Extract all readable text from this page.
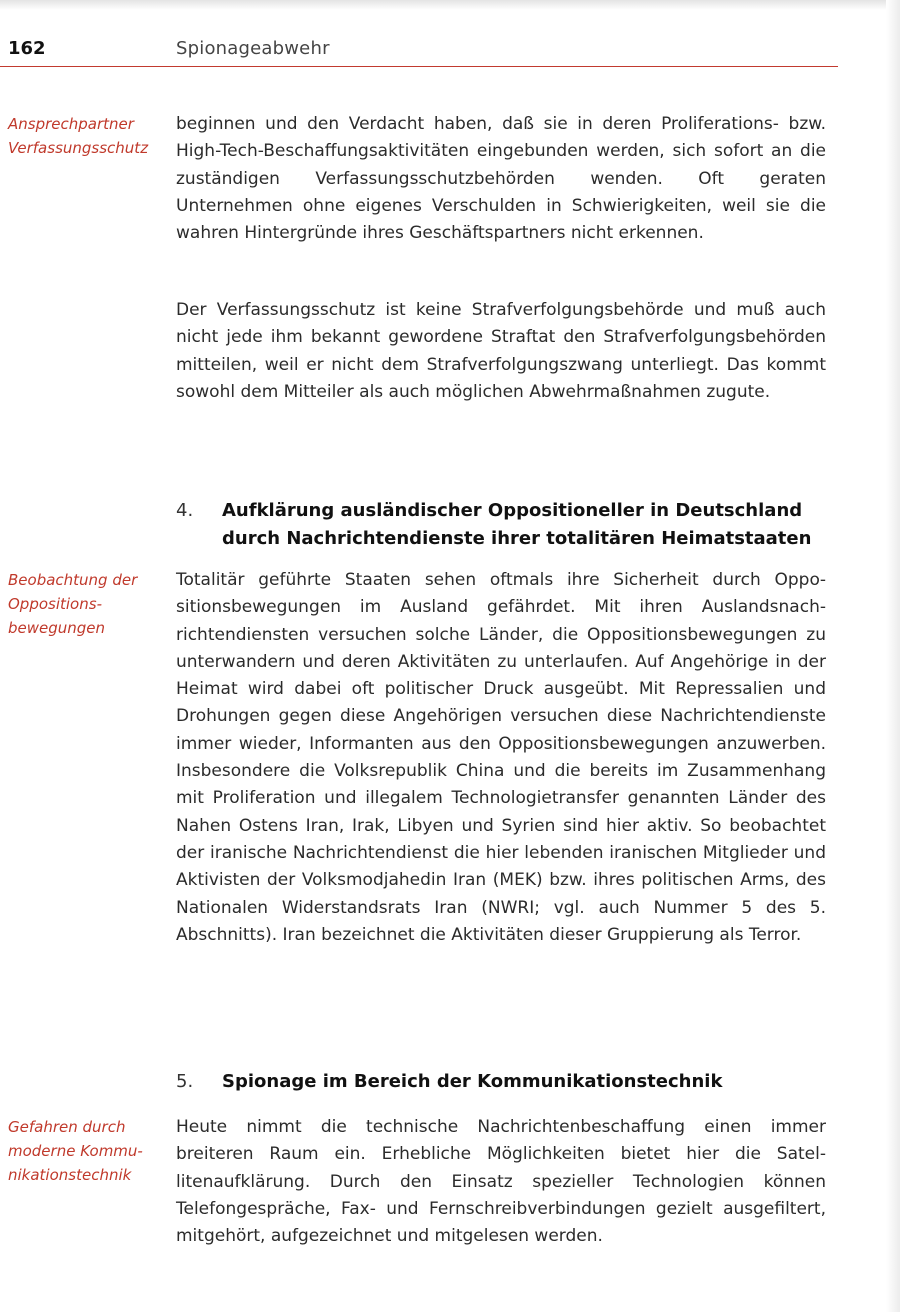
162	Spionageabwehr
Ansprechpartner Verfassungsschutz

beginnen und den Verdacht haben, daß sie in deren Proliferations- bzw. High-Tech-Beschaffungsaktivitäten eingebunden werden, sich sofort an die zuständigen Verfassungsschutzbehörden wenden. Oft geraten Unternehmen ohne eigenes Verschulden in Schwierigkeiten, weil sie die wahren Hintergründe ihres Geschäftspartners nicht erkennen.

Der Verfassungsschutz ist keine Strafverfolgungsbehörde und muß auch nicht jede ihm bekannt gewordene Straftat den Strafverfolgungsbehörden mitteilen, weil er nicht dem Strafverfolgungszwang unterliegt. Das kommt sowohl dem Mitteiler als auch möglichen Abwehrmaßnahmen zugute.

4. Aufklärung ausländischer Oppositioneller in Deutschland durch Nachrichtendienste ihrer totalitären Heimatstaaten
Beobachtung der Oppositionsbewegungen

Totalitär geführte Staaten sehen oftmals ihre Sicherheit durch Oppositionsbewegungen im Ausland gefährdet. Mit ihren Auslandsnachrichtendiensten versuchen solche Länder, die Oppositionsbewegungen zu unterwandern und deren Aktivitäten zu unterlaufen. Auf Angehörige in der Heimat wird dabei oft politischer Druck ausgeübt. Mit Repressalien und Drohungen gegen diese Angehörigen versuchen diese Nachrichtendienste immer wieder, Informanten aus den Oppositionsbewegungen anzuwerben. Insbesondere die Volksrepublik China und die bereits im Zusammenhang mit Proliferation und illegalem Technologietransfer genannten Länder des Nahen Ostens Iran, Irak, Libyen und Syrien sind hier aktiv. So beobachtet der iranische Nachrichtendienst die hier lebenden iranischen Mitglieder und Aktivisten der Volksmodjahedin Iran (MEK) bzw. ihres politischen Arms, des Nationalen Widerstandsrats Iran (NWRI; vgl. auch Nummer 5 des 5. Abschnitts). Iran bezeichnet die Aktivitäten dieser Gruppierung als Terror.

5. Spionage im Bereich der Kommunikationstechnik
Gefahren durch moderne Kommunikationstechnik

Heute nimmt die technische Nachrichtenbeschaffung einen immer breiteren Raum ein. Erhebliche Möglichkeiten bietet hier die Satellitenaufklärung. Durch den Einsatz spezieller Technologien können Telefongespräche, Fax- und Fernschreibverbindungen gezielt ausgefiltert, mitgehört, aufgezeichnet und mitgelesen werden.
